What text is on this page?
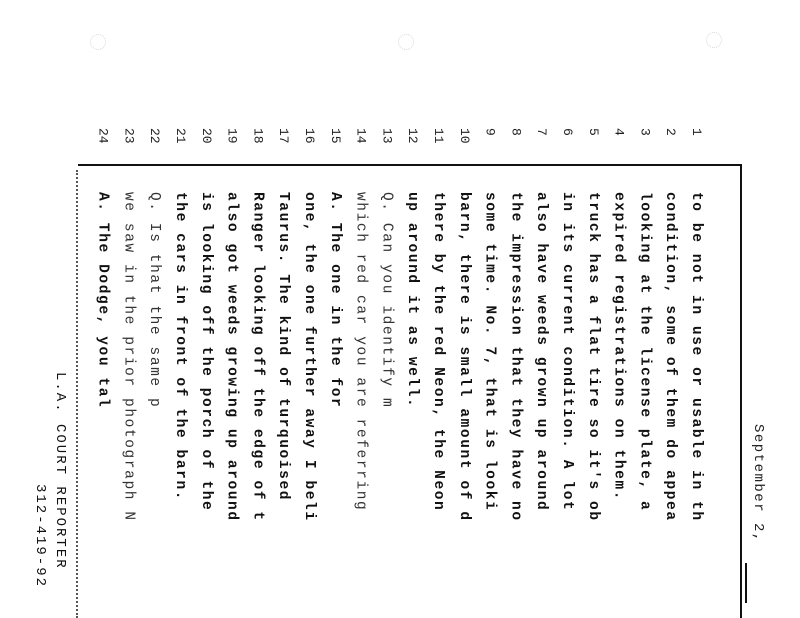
September 2,
1
2
3
4
5
6
7
8
9
10
11
12
13
14
15
16
17
18
19
20
21
22
23
24
to be not in use or usable in th
condition, some of them do appea
looking at the license plate, a
expired registrations on them.
truck has a flat tire so it's ob
in its current condition. A lot
also have weeds grown up around
the impression that they have no
some time. No. 7, that is looki
barn, there is small amount of d
there by the red Neon, the Neon
up around it as well.
Q. Can you identify m
which red car you are referring
A. The one in the for
one, the one further away I beli
Taurus. The kind of turquoised
Ranger looking off the edge of t
also got weeds growing up around
is looking off the porch of the
the cars in front of the barn.
Q. Is that the same p
we saw in the prior photograph N
A. The Dodge, you tal
L.A. COURT REPORTER
312-419-92
